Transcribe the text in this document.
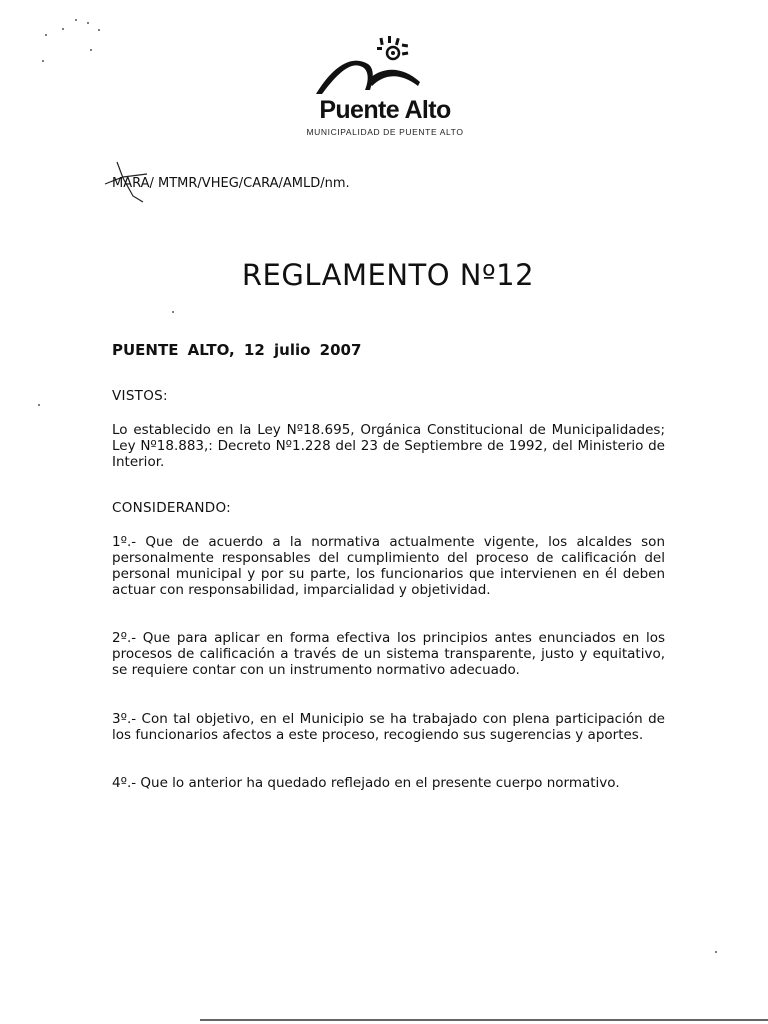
Puente Alto
MUNICIPALIDAD DE PUENTE ALTO
MARA/ MTMR/VHEG/CARA/AMLD/nm.
REGLAMENTO Nº12
PUENTE ALTO, 12 julio 2007
VISTOS:
Lo establecido en la Ley Nº18.695, Orgánica Constitucional de Municipalidades; Ley Nº18.883,: Decreto Nº1.228 del 23 de Septiembre de 1992, del Ministerio de Interior.
CONSIDERANDO:
1º.- Que de acuerdo a la normativa actualmente vigente, los alcaldes son personalmente responsables del cumplimiento del proceso de calificación del personal municipal y por su parte, los funcionarios que intervienen en él deben actuar con responsabilidad, imparcialidad y objetividad.
2º.- Que para aplicar en forma efectiva los principios antes enunciados en los procesos de calificación a través de un sistema transparente, justo y equitativo, se requiere contar con un instrumento normativo adecuado.
3º.- Con tal objetivo, en el Municipio se ha trabajado con plena participación de los funcionarios afectos a este proceso, recogiendo sus sugerencias y aportes.
4º.- Que lo anterior ha quedado reflejado en el presente cuerpo normativo.
